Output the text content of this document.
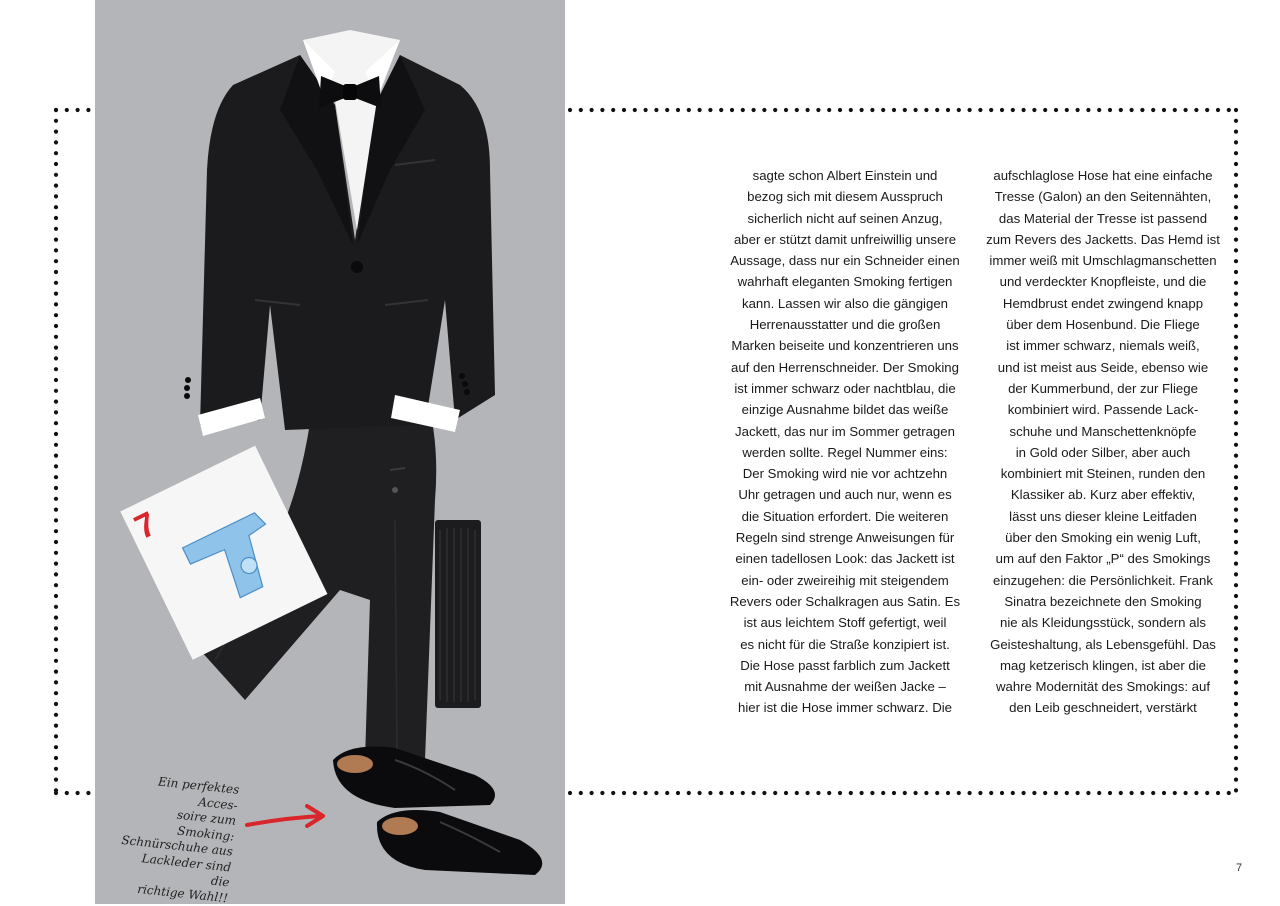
7
Ein perfektes Acces-
soire zum Smoking:
Schnürschuhe aus
Lackleder sind die
richtige Wahl!!
sagte schon Albert Einstein und
bezog sich mit diesem Ausspruch
sicherlich nicht auf seinen Anzug,
aber er stützt damit unfreiwillig unsere
Aussage, dass nur ein Schneider einen
wahrhaft eleganten Smoking fertigen
kann. Lassen wir also die gängigen
Herrenausstatter und die großen
Marken beiseite und konzentrieren uns
auf den Herrenschneider. Der Smoking
ist immer schwarz oder nachtblau, die
einzige Ausnahme bildet das weiße
Jackett, das nur im Sommer getragen
werden sollte. Regel Nummer eins:
Der Smoking wird nie vor achtzehn
Uhr getragen und auch nur, wenn es
die Situation erfordert. Die weiteren
Regeln sind strenge Anweisungen für
einen tadellosen Look: das Jackett ist
ein- oder zweireihig mit steigendem
Revers oder Schalkragen aus Satin. Es
ist aus leichtem Stoff gefertigt, weil
es nicht für die Straße konzipiert ist.
Die Hose passt farblich zum Jackett
mit Ausnahme der weißen Jacke –
hier ist die Hose immer schwarz. Die
aufschlaglose Hose hat eine einfache
Tresse (Galon) an den Seitennähten,
das Material der Tresse ist passend
zum Revers des Jacketts. Das Hemd ist
immer weiß mit Umschlagmanschetten
und verdeckter Knopfleiste, und die
Hemdbrust endet zwingend knapp
über dem Hosenbund. Die Fliege
ist immer schwarz, niemals weiß,
und ist meist aus Seide, ebenso wie
der Kummerbund, der zur Fliege
kombiniert wird. Passende Lack-
schuhe und Manschettenknöpfe
in Gold oder Silber, aber auch
kombiniert mit Steinen, runden den
Klassiker ab. Kurz aber effektiv,
lässt uns dieser kleine Leitfaden
über den Smoking ein wenig Luft,
um auf den Faktor „P“ des Smokings
einzugehen: die Persönlichkeit. Frank
Sinatra bezeichnete den Smoking
nie als Kleidungsstück, sondern als
Geisteshaltung, als Lebensgefühl. Das
mag ketzerisch klingen, ist aber die
wahre Modernität des Smokings: auf
den Leib geschneidert, verstärkt
7
